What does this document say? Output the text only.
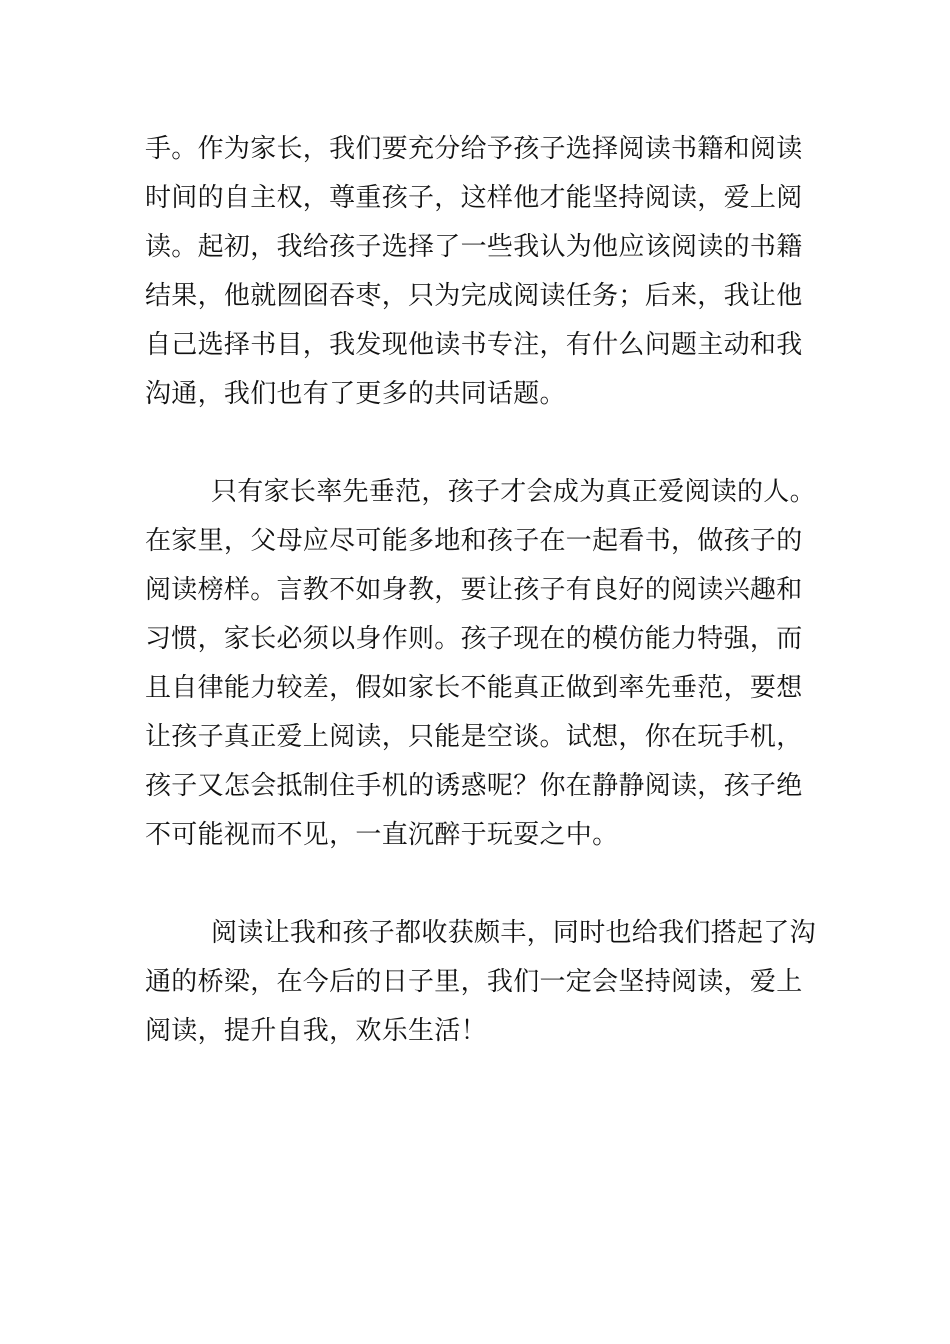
手。作为家长，我们要充分给予孩子选择阅读书籍和阅读
时间的自主权，尊重孩子，这样他才能坚持阅读，爱上阅
读。起初，我给孩子选择了一些我认为他应该阅读的书籍
结果，他就囫囵吞枣，只为完成阅读任务；后来，我让他
自己选择书目，我发现他读书专注，有什么问题主动和我
沟通，我们也有了更多的共同话题。
只有家长率先垂范，孩子才会成为真正爱阅读的人。
在家里，父母应尽可能多地和孩子在一起看书，做孩子的
阅读榜样。言教不如身教，要让孩子有良好的阅读兴趣和
习惯，家长必须以身作则。孩子现在的模仿能力特强，而
且自律能力较差，假如家长不能真正做到率先垂范，要想
让孩子真正爱上阅读，只能是空谈。试想，你在玩手机，
孩子又怎会抵制住手机的诱惑呢？你在静静阅读，孩子绝
不可能视而不见，一直沉醉于玩耍之中。
阅读让我和孩子都收获颇丰，同时也给我们搭起了沟
通的桥梁，在今后的日子里，我们一定会坚持阅读，爱上
阅读，提升自我，欢乐生活！
